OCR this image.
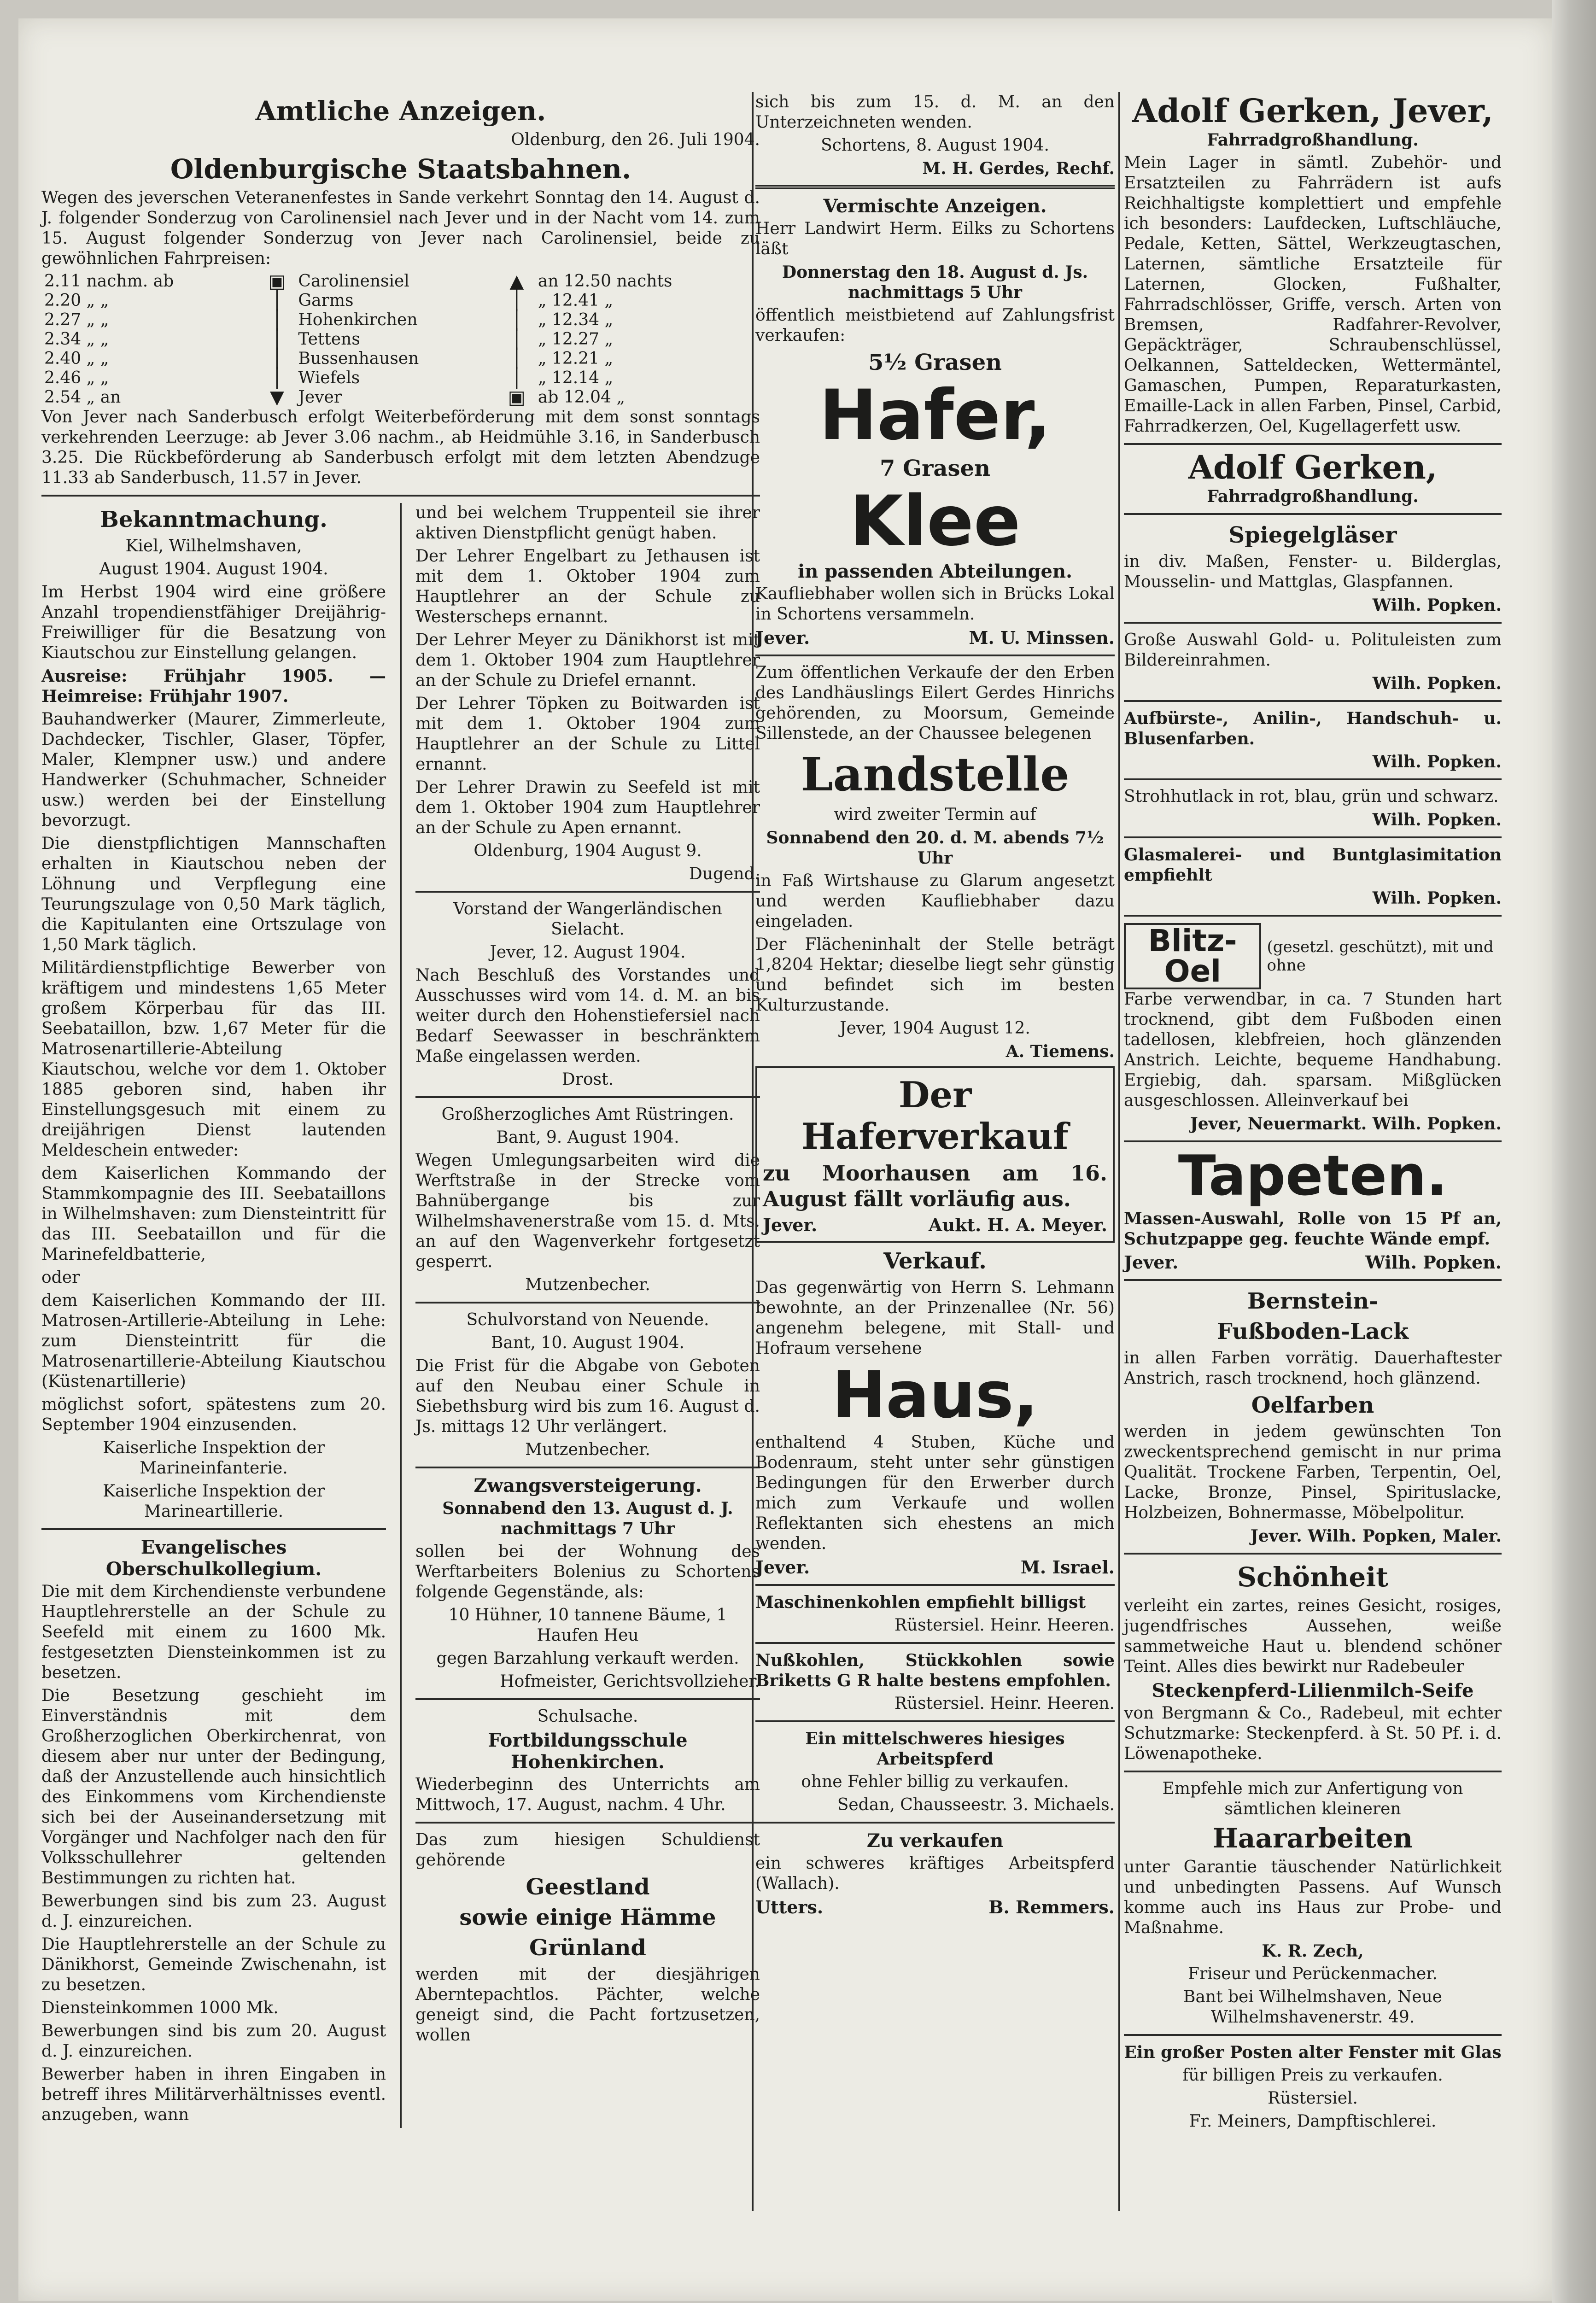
Amtliche Anzeigen.

Oldenburg, den 26. Juli 1904.

Oldenburgische Staatsbahnen.

Wegen des jeverschen Veteranenfestes in Sande verkehrt Sonntag den 14. August d. J. folgender Sonderzug von Carolinensiel nach Jever und in der Nacht vom 14. zum 15. August folgender Sonderzug von Jever nach Carolinensiel, beide zu gewöhnlichen Fahrpreisen:

2.11 nachm. ab	▣	Carolinensiel	▲	an 12.50 nachts
2.20 „ „	│	Garms	│	„ 12.41 „
2.27 „ „	│	Hohenkirchen	│	„ 12.34 „
2.34 „ „	│	Tettens	│	„ 12.27 „
2.40 „ „	│	Bussenhausen	│	„ 12.21 „
2.46 „ „	│	Wiefels	│	„ 12.14 „
2.54 „ an	▼	Jever	▣	ab 12.04 „

Von Jever nach Sanderbusch erfolgt Weiterbeförderung mit dem sonst sonntags verkehrenden Leerzuge: ab Jever 3.06 nachm., ab Heidmühle 3.16, in Sanderbusch 3.25. Die Rückbeförderung ab Sanderbusch erfolgt mit dem letzten Abendzuge 11.33 ab Sanderbusch, 11.57 in Jever.

Bekanntmachung.

Kiel, Wilhelmshaven,

August 1904. August 1904.

Im Herbst 1904 wird eine größere Anzahl tropendienstfähiger Dreijährig-Freiwilliger für die Besatzung von Kiautschou zur Einstellung gelangen.

Ausreise: Frühjahr 1905. — Heimreise: Frühjahr 1907.

Bauhandwerker (Maurer, Zimmerleute, Dachdecker, Tischler, Glaser, Töpfer, Maler, Klempner usw.) und andere Handwerker (Schuhmacher, Schneider usw.) werden bei der Einstellung bevorzugt.

Die dienstpflichtigen Mannschaften erhalten in Kiautschou neben der Löhnung und Verpflegung eine Teurungszulage von 0,50 Mark täglich, die Kapitulanten eine Ortszulage von 1,50 Mark täglich.

Militärdienstpflichtige Bewerber von kräftigem und mindestens 1,65 Meter großem Körperbau für das III. Seebataillon, bzw. 1,67 Meter für die Matrosenartillerie-Abteilung Kiautschou, welche vor dem 1. Oktober 1885 geboren sind, haben ihr Einstellungsgesuch mit einem zu dreijährigen Dienst lautenden Meldeschein entweder:

dem Kaiserlichen Kommando der Stammkompagnie des III. Seebataillons in Wilhelmshaven: zum Diensteintritt für das III. Seebataillon und für die Marinefeldbatterie,

oder

dem Kaiserlichen Kommando der III. Matrosen-Artillerie-Abteilung in Lehe: zum Diensteintritt für die Matrosenartillerie-Abteilung Kiautschou (Küstenartillerie)

möglichst sofort, spätestens zum 20. September 1904 einzusenden.

Kaiserliche Inspektion der Marineinfanterie.

Kaiserliche Inspektion der Marineartillerie.

Evangelisches Oberschulkollegium.

Die mit dem Kirchendienste verbundene Hauptlehrerstelle an der Schule zu Seefeld mit einem zu 1600 Mk. festgesetzten Diensteinkommen ist zu besetzen.

Die Besetzung geschieht im Einverständnis mit dem Großherzoglichen Oberkirchenrat, von diesem aber nur unter der Bedingung, daß der Anzustellende auch hinsichtlich des Einkommens vom Kirchendienste sich bei der Auseinandersetzung mit Vorgänger und Nachfolger nach den für Volksschullehrer geltenden Bestimmungen zu richten hat.

Bewerbungen sind bis zum 23. August d. J. einzureichen.

Die Hauptlehrerstelle an der Schule zu Dänikhorst, Gemeinde Zwischenahn, ist zu besetzen.

Diensteinkommen 1000 Mk.

Bewerbungen sind bis zum 20. August d. J. einzureichen.

Bewerber haben in ihren Eingaben in betreff ihres Militärverhältnisses eventl. anzugeben, wann

und bei welchem Truppenteil sie ihrer aktiven Dienstpflicht genügt haben.

Der Lehrer Engelbart zu Jethausen ist mit dem 1. Oktober 1904 zum Hauptlehrer an der Schule zu Westerscheps ernannt.

Der Lehrer Meyer zu Dänikhorst ist mit dem 1. Oktober 1904 zum Hauptlehrer an der Schule zu Driefel ernannt.

Der Lehrer Töpken zu Boitwarden ist mit dem 1. Oktober 1904 zum Hauptlehrer an der Schule zu Littel ernannt.

Der Lehrer Drawin zu Seefeld ist mit dem 1. Oktober 1904 zum Hauptlehrer an der Schule zu Apen ernannt.

Oldenburg, 1904 August 9.

Dugend.

Vorstand der Wangerländischen Sielacht.

Jever, 12. August 1904.

Nach Beschluß des Vorstandes und Ausschusses wird vom 14. d. M. an bis weiter durch den Hohenstiefersiel nach Bedarf Seewasser in beschränktem Maße eingelassen werden.

Drost.

Großherzogliches Amt Rüstringen.

Bant, 9. August 1904.

Wegen Umlegungsarbeiten wird die Werftstraße in der Strecke vom Bahnübergange bis zur Wilhelmshavenerstraße vom 15. d. Mts. an auf den Wagenverkehr fortgesetzt gesperrt.

Mutzenbecher.

Schulvorstand von Neuende.

Bant, 10. August 1904.

Die Frist für die Abgabe von Geboten auf den Neubau einer Schule in Siebethsburg wird bis zum 16. August d. Js. mittags 12 Uhr verlängert.

Mutzenbecher.

Zwangsversteigerung.

Sonnabend den 13. August d. J. nachmittags 7 Uhr

sollen bei der Wohnung des Werftarbeiters Bolenius zu Schortens folgende Gegenstände, als:

10 Hühner, 10 tannene Bäume, 1 Haufen Heu

gegen Barzahlung verkauft werden.

Hofmeister, Gerichtsvollzieher.

Schulsache.

Fortbildungsschule Hohenkirchen.

Wiederbeginn des Unterrichts am Mittwoch, 17. August, nachm. 4 Uhr.

Das zum hiesigen Schuldienst gehörende

Geestland
sowie einige Hämme
Grünland

werden mit der diesjährigen Aberntepachtlos. Pächter, welche geneigt sind, die Pacht fortzusetzen, wollen

sich bis zum 15. d. M. an den Unterzeichneten wenden.

Schortens, 8. August 1904.

M. H. Gerdes, Rechf.

Vermischte Anzeigen.

Herr Landwirt Herm. Eilks zu Schortens läßt

Donnerstag den 18. August d. Js. nachmittags 5 Uhr

öffentlich meistbietend auf Zahlungsfrist verkaufen:

5½ Grasen
Hafer,
7 Grasen
Klee
in passenden Abteilungen.

Kaufliebhaber wollen sich in Brücks Lokal in Schortens versammeln.

Jever.	M. U. Minssen.

Zum öffentlichen Verkaufe der den Erben des Landhäuslings Eilert Gerdes Hinrichs gehörenden, zu Moorsum, Gemeinde Sillenstede, an der Chaussee belegenen

Landstelle

wird zweiter Termin auf

Sonnabend den 20. d. M. abends 7½ Uhr

in Faß Wirtshause zu Glarum angesetzt und werden Kaufliebhaber dazu eingeladen.

Der Flächeninhalt der Stelle beträgt 1,8204 Hektar; dieselbe liegt sehr günstig und befindet sich im besten Kulturzustande.

Jever, 1904 August 12.

A. Tiemens.

Der Haferverkauf

zu Moorhausen am 16. August fällt vorläufig aus.

Jever.	Aukt. H. A. Meyer.
Verkauf.

Das gegenwärtig von Herrn S. Lehmann bewohnte, an der Prinzenallee (Nr. 56) angenehm belegene, mit Stall- und Hofraum versehene

Haus,

enthaltend 4 Stuben, Küche und Bodenraum, steht unter sehr günstigen Bedingungen für den Erwerber durch mich zum Verkaufe und wollen Reflektanten sich ehestens an mich wenden.

Jever.	M. Israel.

Maschinenkohlen empfiehlt billigst

Rüstersiel. Heinr. Heeren.

Nußkohlen, Stückkohlen sowie Briketts G R halte bestens empfohlen.

Rüstersiel. Heinr. Heeren.

Ein mittelschweres hiesiges Arbeitspferd

ohne Fehler billig zu verkaufen.

Sedan, Chausseestr. 3. Michaels.

Zu verkaufen

ein schweres kräftiges Arbeitspferd (Wallach).

Utters.	B. Remmers.
Adolf Gerken, Jever,

Fahrradgroßhandlung.

Mein Lager in sämtl. Zubehör- und Ersatzteilen zu Fahrrädern ist aufs Reichhaltigste komplettiert und empfehle ich besonders: Laufdecken, Luftschläuche, Pedale, Ketten, Sättel, Werkzeugtaschen, Laternen, sämtliche Ersatzteile für Laternen, Glocken, Fußhalter, Fahrradschlösser, Griffe, versch. Arten von Bremsen, Radfahrer-Revolver, Gepäckträger, Schraubenschlüssel, Oelkannen, Satteldecken, Wettermäntel, Gamaschen, Pumpen, Reparaturkasten, Emaille-Lack in allen Farben, Pinsel, Carbid, Fahrradkerzen, Oel, Kugellagerfett usw.

Adolf Gerken,

Fahrradgroßhandlung.

Spiegelgläser

in div. Maßen, Fenster- u. Bilderglas, Mousselin- und Mattglas, Glaspfannen.

Wilh. Popken.

Große Auswahl Gold- u. Polituleisten zum Bildereinrahmen.

Wilh. Popken.

Aufbürste-, Anilin-, Handschuh- u. Blusenfarben.

Wilh. Popken.

Strohhutlack in rot, blau, grün und schwarz.

Wilh. Popken.

Glasmalerei- und Buntglasimitation empfiehlt

Wilh. Popken.

Blitz-Oel
(gesetzl. geschützt), mit und ohne

Farbe verwendbar, in ca. 7 Stunden hart trocknend, gibt dem Fußboden einen tadellosen, klebfreien, hoch glänzenden Anstrich. Leichte, bequeme Handhabung. Ergiebig, dah. sparsam. Mißglücken ausgeschlossen. Alleinverkauf bei

Jever, Neuermarkt. Wilh. Popken.

Tapeten.

Massen-Auswahl, Rolle von 15 Pf an, Schutzpappe geg. feuchte Wände empf.

Jever.	Wilh. Popken.
Bernstein-
Fußboden-Lack

in allen Farben vorrätig. Dauerhaftester Anstrich, rasch trocknend, hoch glänzend.

Oelfarben

werden in jedem gewünschten Ton zweckentsprechend gemischt in nur prima Qualität. Trockene Farben, Terpentin, Oel, Lacke, Bronze, Pinsel, Spirituslacke, Holzbeizen, Bohnermasse, Möbelpolitur.

Jever. Wilh. Popken, Maler.

Schönheit

verleiht ein zartes, reines Gesicht, rosiges, jugendfrisches Aussehen, weiße sammetweiche Haut u. blendend schöner Teint. Alles dies bewirkt nur Radebeuler

Steckenpferd-Lilienmilch-Seife

von Bergmann & Co., Radebeul, mit echter Schutzmarke: Steckenpferd. à St. 50 Pf. i. d. Löwenapotheke.

Empfehle mich zur Anfertigung von sämtlichen kleineren

Haararbeiten

unter Garantie täuschender Natürlichkeit und unbedingten Passens. Auf Wunsch komme auch ins Haus zur Probe- und Maßnahme.

K. R. Zech,

Friseur und Perückenmacher.

Bant bei Wilhelmshaven, Neue Wilhelmshavenerstr. 49.

Ein großer Posten alter Fenster mit Glas

für billigen Preis zu verkaufen.

Rüstersiel.

Fr. Meiners, Dampftischlerei.
